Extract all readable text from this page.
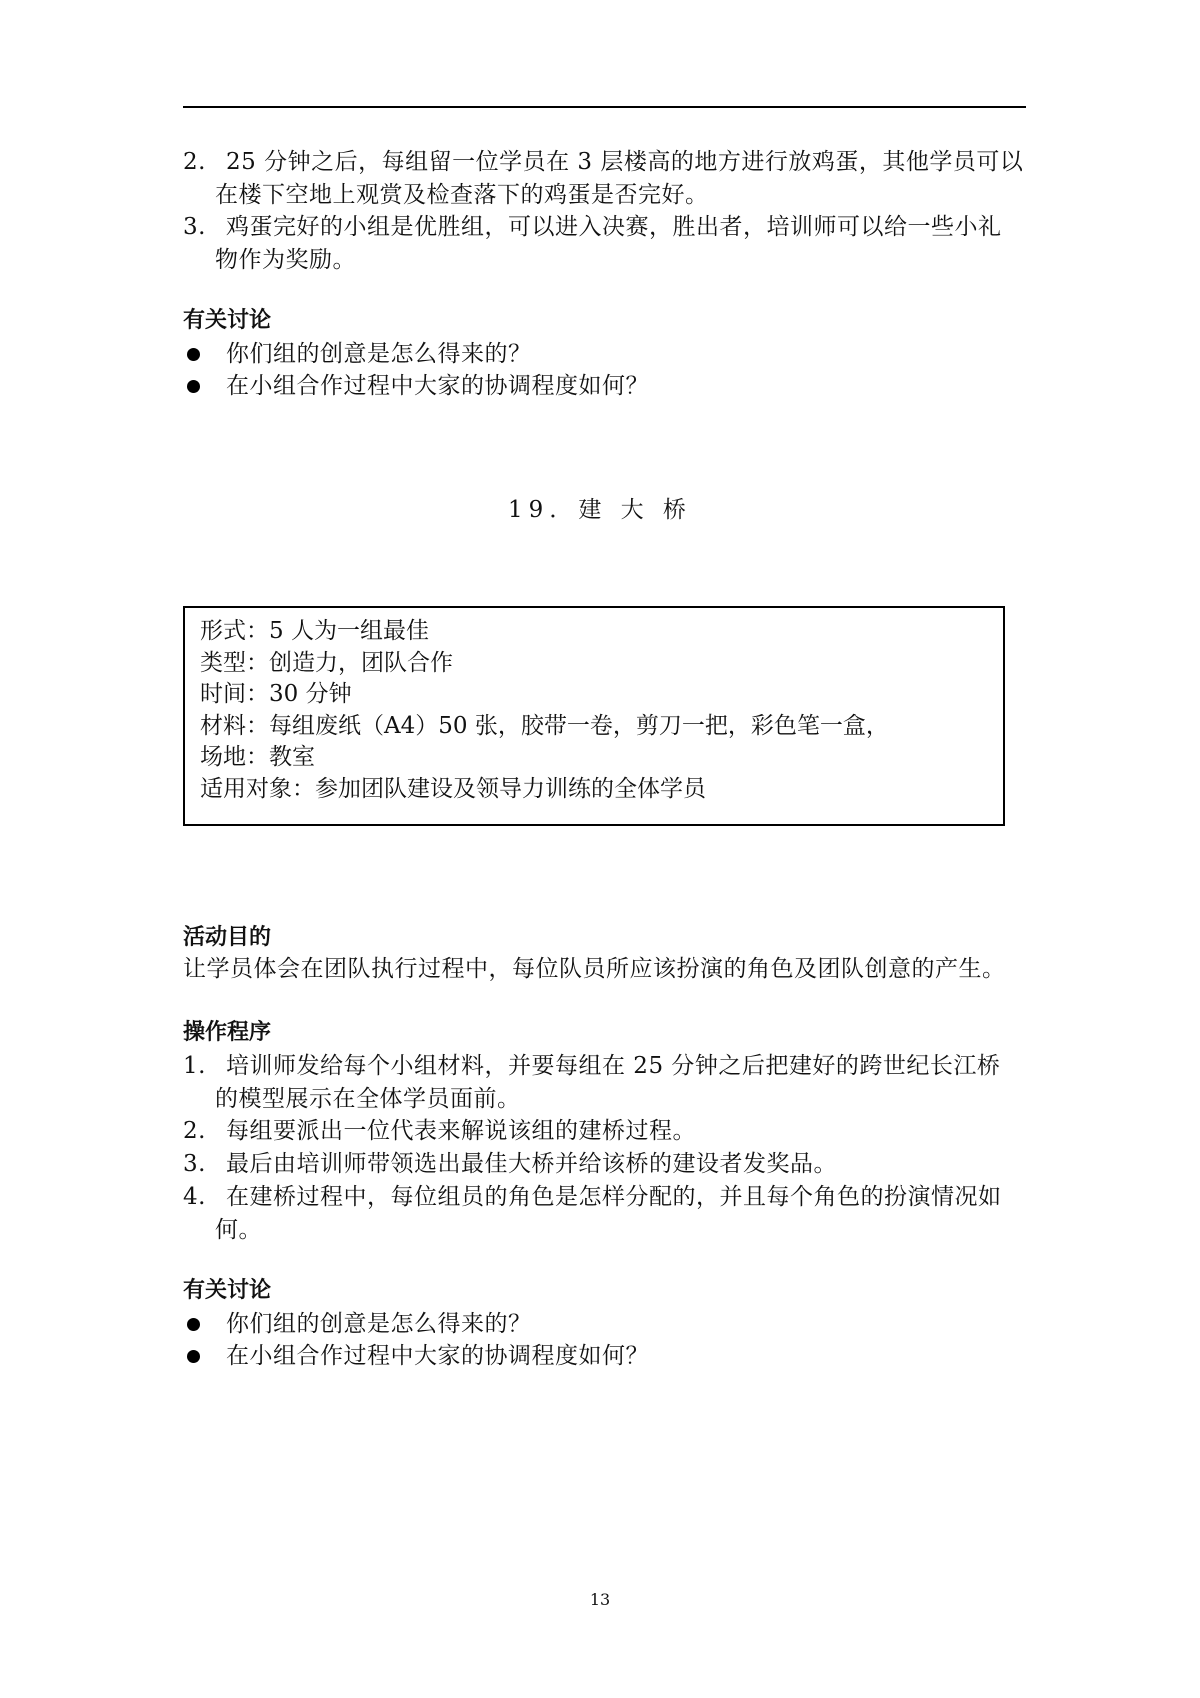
2. 25 分钟之后，每组留一位学员在 3 层楼高的地方进行放鸡蛋，其他学员可以
在楼下空地上观赏及检查落下的鸡蛋是否完好。
3. 鸡蛋完好的小组是优胜组，可以进入决赛，胜出者，培训师可以给一些小礼
物作为奖励。
有关讨论
你们组的创意是怎么得来的？
在小组合作过程中大家的协调程度如何？
19．建 大 桥
形式：5 人为一组最佳
类型：创造力，团队合作
时间：30 分钟
材料：每组废纸（A4）50 张，胶带一卷，剪刀一把，彩色笔一盒，
场地：教室
适用对象：参加团队建设及领导力训练的全体学员
活动目的
让学员体会在团队执行过程中，每位队员所应该扮演的角色及团队创意的产生。
操作程序
1. 培训师发给每个小组材料，并要每组在 25 分钟之后把建好的跨世纪长江桥
的模型展示在全体学员面前。
2. 每组要派出一位代表来解说该组的建桥过程。
3. 最后由培训师带领选出最佳大桥并给该桥的建设者发奖品。
4. 在建桥过程中，每位组员的角色是怎样分配的，并且每个角色的扮演情况如
何。
有关讨论
你们组的创意是怎么得来的？
在小组合作过程中大家的协调程度如何？
13
